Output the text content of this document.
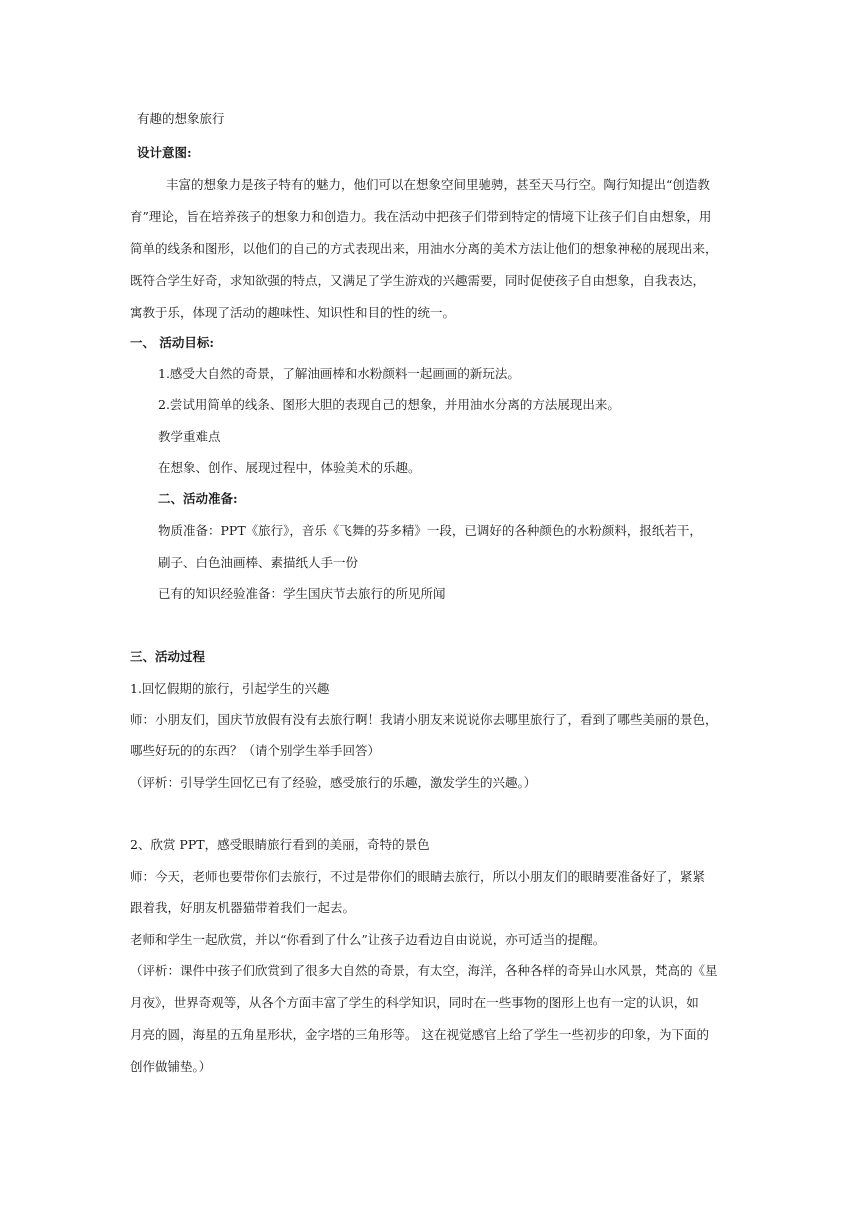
有趣的想象旅行
设计意图:
丰富的想象力是孩子特有的魅力，他们可以在想象空间里驰骋，甚至天马行空。陶行知提出“创造教
育”理论，旨在培养孩子的想象力和创造力。我在活动中把孩子们带到特定的情境下让孩子们自由想象，用
简单的线条和图形，以他们的自己的方式表现出来，用油水分离的美术方法让他们的想象神秘的展现出来，
既符合学生好奇，求知欲强的特点，又满足了学生游戏的兴趣需要，同时促使孩子自由想象，自我表达，
寓教于乐，体现了活动的趣味性、知识性和目的性的统一。
一、 活动目标:
1.感受大自然的奇景，了解油画棒和水粉颜料一起画画的新玩法。
2.尝试用简单的线条、图形大胆的表现自己的想象，并用油水分离的方法展现出来。
教学重难点
在想象、创作、展现过程中，体验美术的乐趣。
二、活动准备:
物质准备：PPT《旅行》，音乐《飞舞的芬多精》一段，已调好的各种颜色的水粉颜料，报纸若干，
刷子、白色油画棒、素描纸人手一份
已有的知识经验准备：学生国庆节去旅行的所见所闻
三、活动过程
1.回忆假期的旅行，引起学生的兴趣
师：小朋友们，国庆节放假有没有去旅行啊！我请小朋友来说说你去哪里旅行了，看到了哪些美丽的景色，
哪些好玩的的东西？（请个别学生举手回答）
（评析：引导学生回忆已有了经验，感受旅行的乐趣，激发学生的兴趣。）
2、欣赏 PPT，感受眼睛旅行看到的美丽，奇特的景色
师：今天，老师也要带你们去旅行，不过是带你们的眼睛去旅行，所以小朋友们的眼睛要准备好了，紧紧
跟着我，好朋友机器猫带着我们一起去。
老师和学生一起欣赏，并以“你看到了什么”让孩子边看边自由说说，亦可适当的提醒。
（评析：课件中孩子们欣赏到了很多大自然的奇景，有太空，海洋，各种各样的奇异山水风景，梵高的《星
月夜》，世界奇观等，从各个方面丰富了学生的科学知识，同时在一些事物的图形上也有一定的认识，如
月亮的圆，海星的五角星形状，金字塔的三角形等。 这在视觉感官上给了学生一些初步的印象，为下面的
创作做铺垫。）
